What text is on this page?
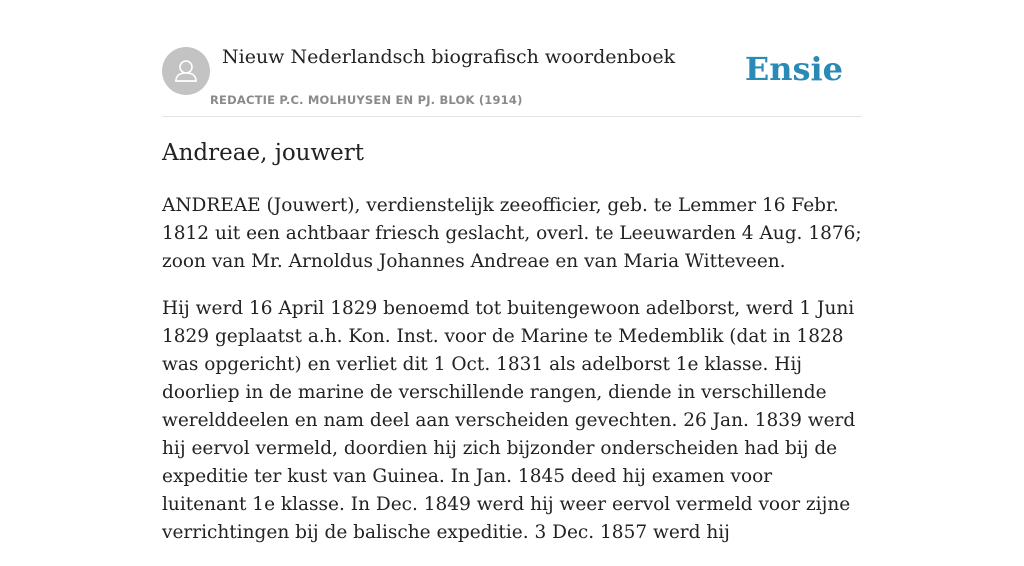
Nieuw Nederlandsch biografisch woordenboek
REDACTIE P.C. MOLHUYSEN EN PJ. BLOK (1914)
Ensie
Andreae, jouwert

ANDREAE (Jouwert), verdienstelijk zeeofficier, geb. te Lemmer 16 Febr. 1812 uit een achtbaar friesch geslacht, overl. te Leeuwarden 4 Aug. 1876; zoon van Mr. Arnoldus Johannes Andreae en van Maria Witteveen.

Hij werd 16 April 1829 benoemd tot buitengewoon adelborst, werd 1 Juni 1829 geplaatst a.h. Kon. Inst. voor de Marine te Medemblik (dat in 1828 was opgericht) en verliet dit 1 Oct. 1831 als adelborst 1e klasse. Hij doorliep in de marine de verschillende rangen, diende in verschillende werelddeelen en nam deel aan verscheiden gevechten. 26 Jan. 1839 werd hij eervol vermeld, doordien hij zich bijzonder onderscheiden had bij de expeditie ter kust van Guinea. In Jan. 1845 deed hij examen voor luitenant 1e klasse. In Dec. 1849 werd hij weer eervol vermeld voor zijne verrichtingen bij de balische expeditie. 3 Dec. 1857 werd hij
